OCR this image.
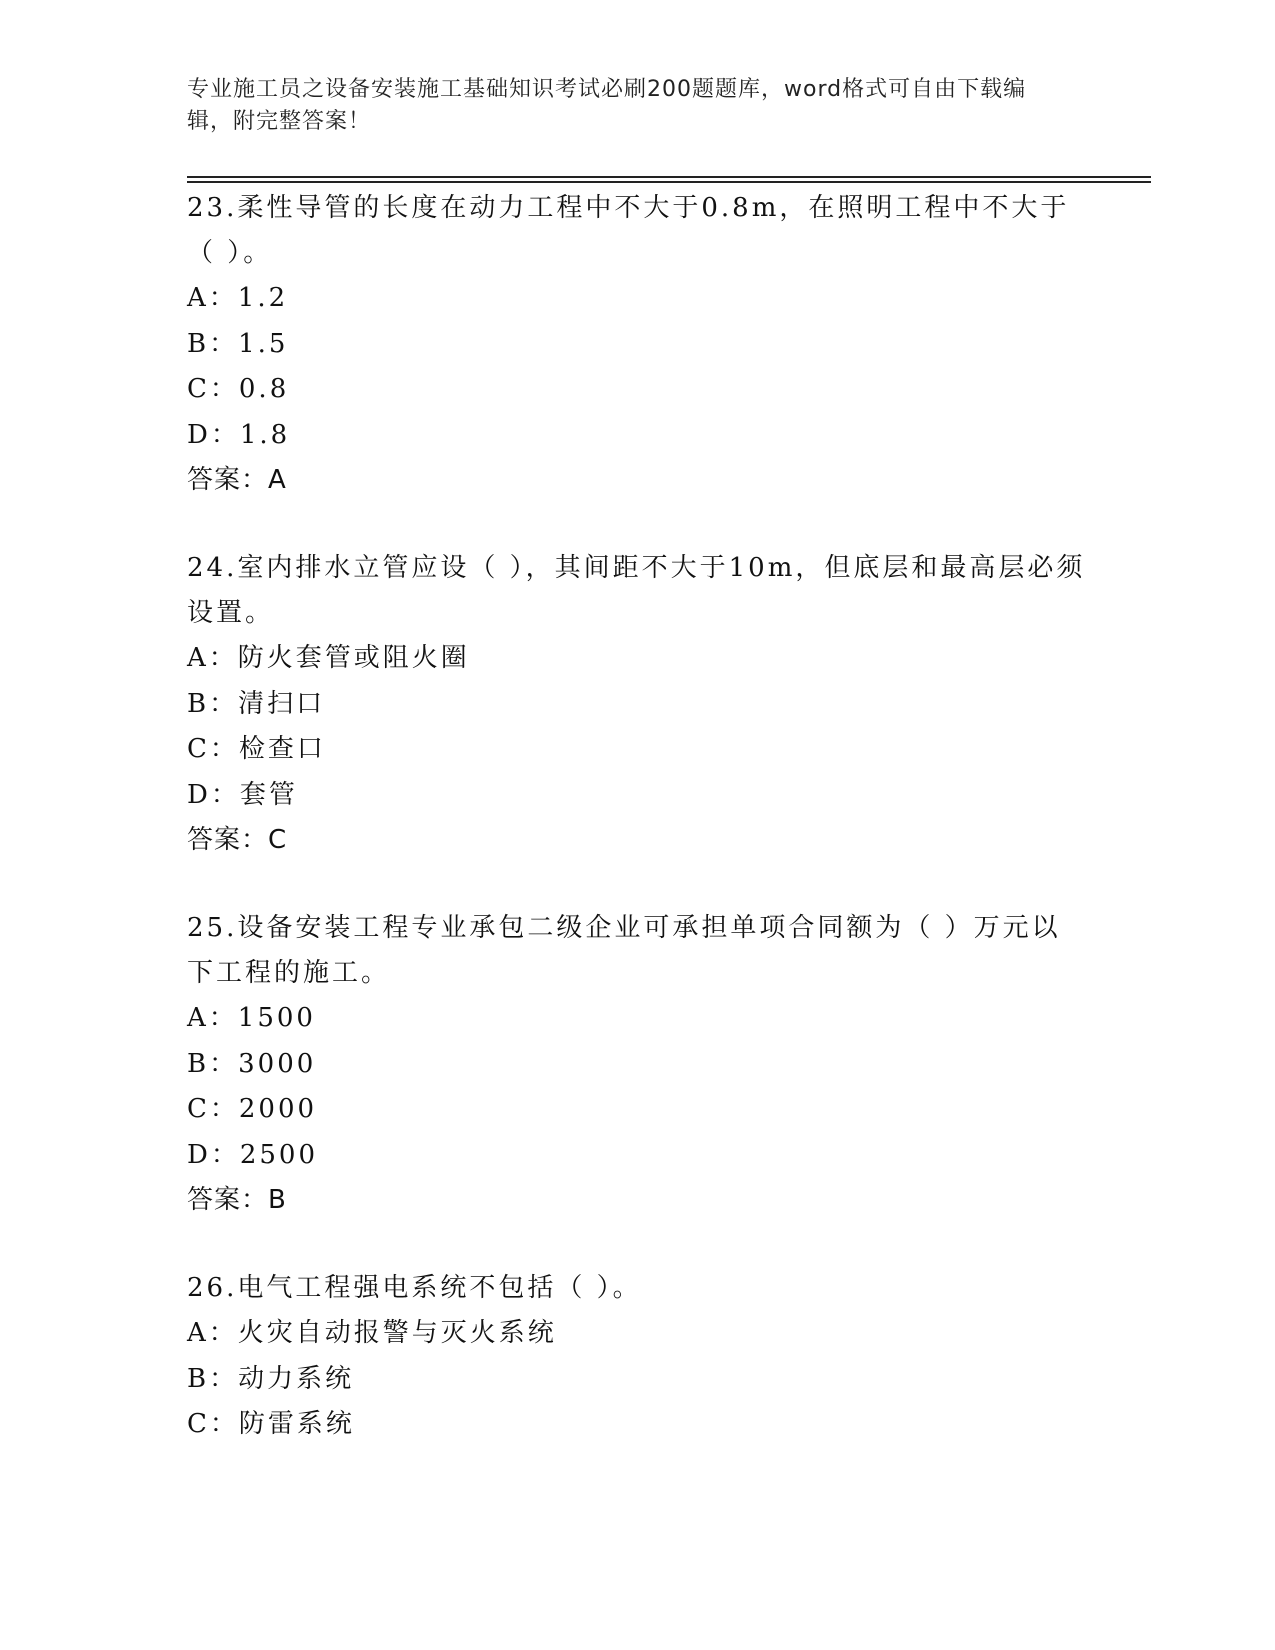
专业施工员之设备安装施工基础知识考试必刷200题题库，word格式可自由下载编辑，附完整答案！
23.柔性导管的长度在动力工程中不大于0.8m，在照明工程中不大于（ ）。
A：1.2
B：1.5
C：0.8
D：1.8
答案：A
24.室内排水立管应设（ ），其间距不大于10m，但底层和最高层必须设置。
A：防火套管或阻火圈
B：清扫口
C：检查口
D：套管
答案：C
25.设备安装工程专业承包二级企业可承担单项合同额为（ ）万元以下工程的施工。
A：1500
B：3000
C：2000
D：2500
答案：B
26.电气工程强电系统不包括（ ）。
A：火灾自动报警与灭火系统
B：动力系统
C：防雷系统
